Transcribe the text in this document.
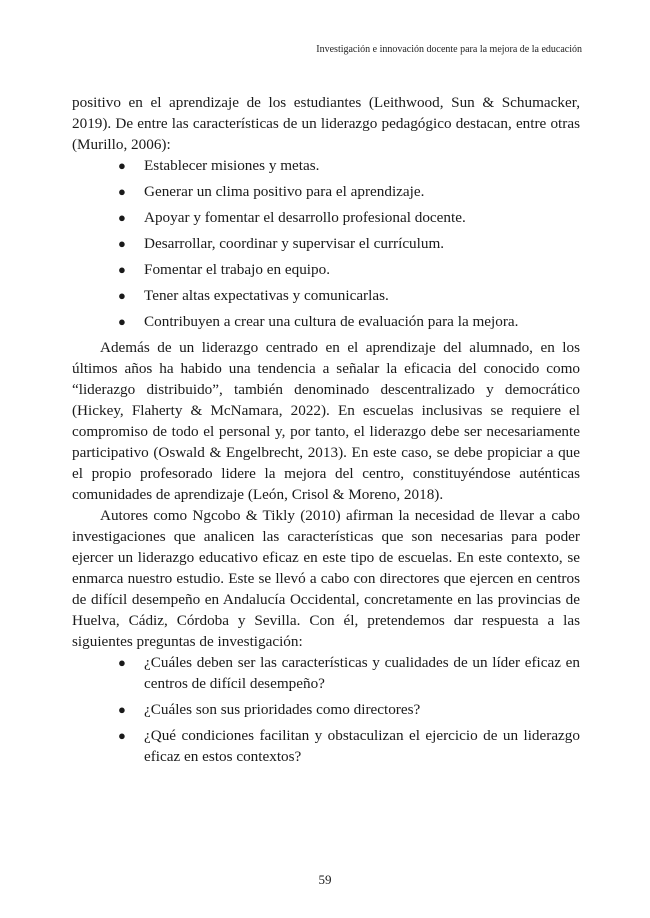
Investigación e innovación docente para la mejora de la educación

positivo en el aprendizaje de los estudiantes (Leithwood, Sun & Schumacker, 2019). De entre las características de un liderazgo pedagógico destacan, entre otras (Murillo, 2006):

● Establecer misiones y metas.
● Generar un clima positivo para el aprendizaje.
● Apoyar y fomentar el desarrollo profesional docente.
● Desarrollar, coordinar y supervisar el currículum.
● Fomentar el trabajo en equipo.
● Tener altas expectativas y comunicarlas.
● Contribuyen a crear una cultura de evaluación para la mejora.

Además de un liderazgo centrado en el aprendizaje del alumnado, en los últimos años ha habido una tendencia a señalar la eficacia del conocido como “liderazgo distribuido”, también denominado descentralizado y democrático (Hickey, Flaherty & McNamara, 2022). En escuelas inclusivas se requiere el compromiso de todo el personal y, por tanto, el liderazgo debe ser necesariamente participativo (Oswald & Engelbrecht, 2013). En este caso, se debe propiciar a que el propio profesorado lidere la mejora del centro, constituyéndose auténticas comunidades de aprendizaje (León, Crisol & Moreno, 2018).

Autores como Ngcobo & Tikly (2010) afirman la necesidad de llevar a cabo investigaciones que analicen las características que son necesarias para poder ejercer un liderazgo educativo eficaz en este tipo de escuelas. En este contexto, se enmarca nuestro estudio. Este se llevó a cabo con directores que ejercen en centros de difícil desempeño en Andalucía Occidental, concretamente en las provincias de Huelva, Cádiz, Córdoba y Sevilla. Con él, pretendemos dar respuesta a las siguientes preguntas de investigación:

● ¿Cuáles deben ser las características y cualidades de un líder eficaz en centros de difícil desempeño?
● ¿Cuáles son sus prioridades como directores?
● ¿Qué condiciones facilitan y obstaculizan el ejercicio de un liderazgo eficaz en estos contextos?
59
